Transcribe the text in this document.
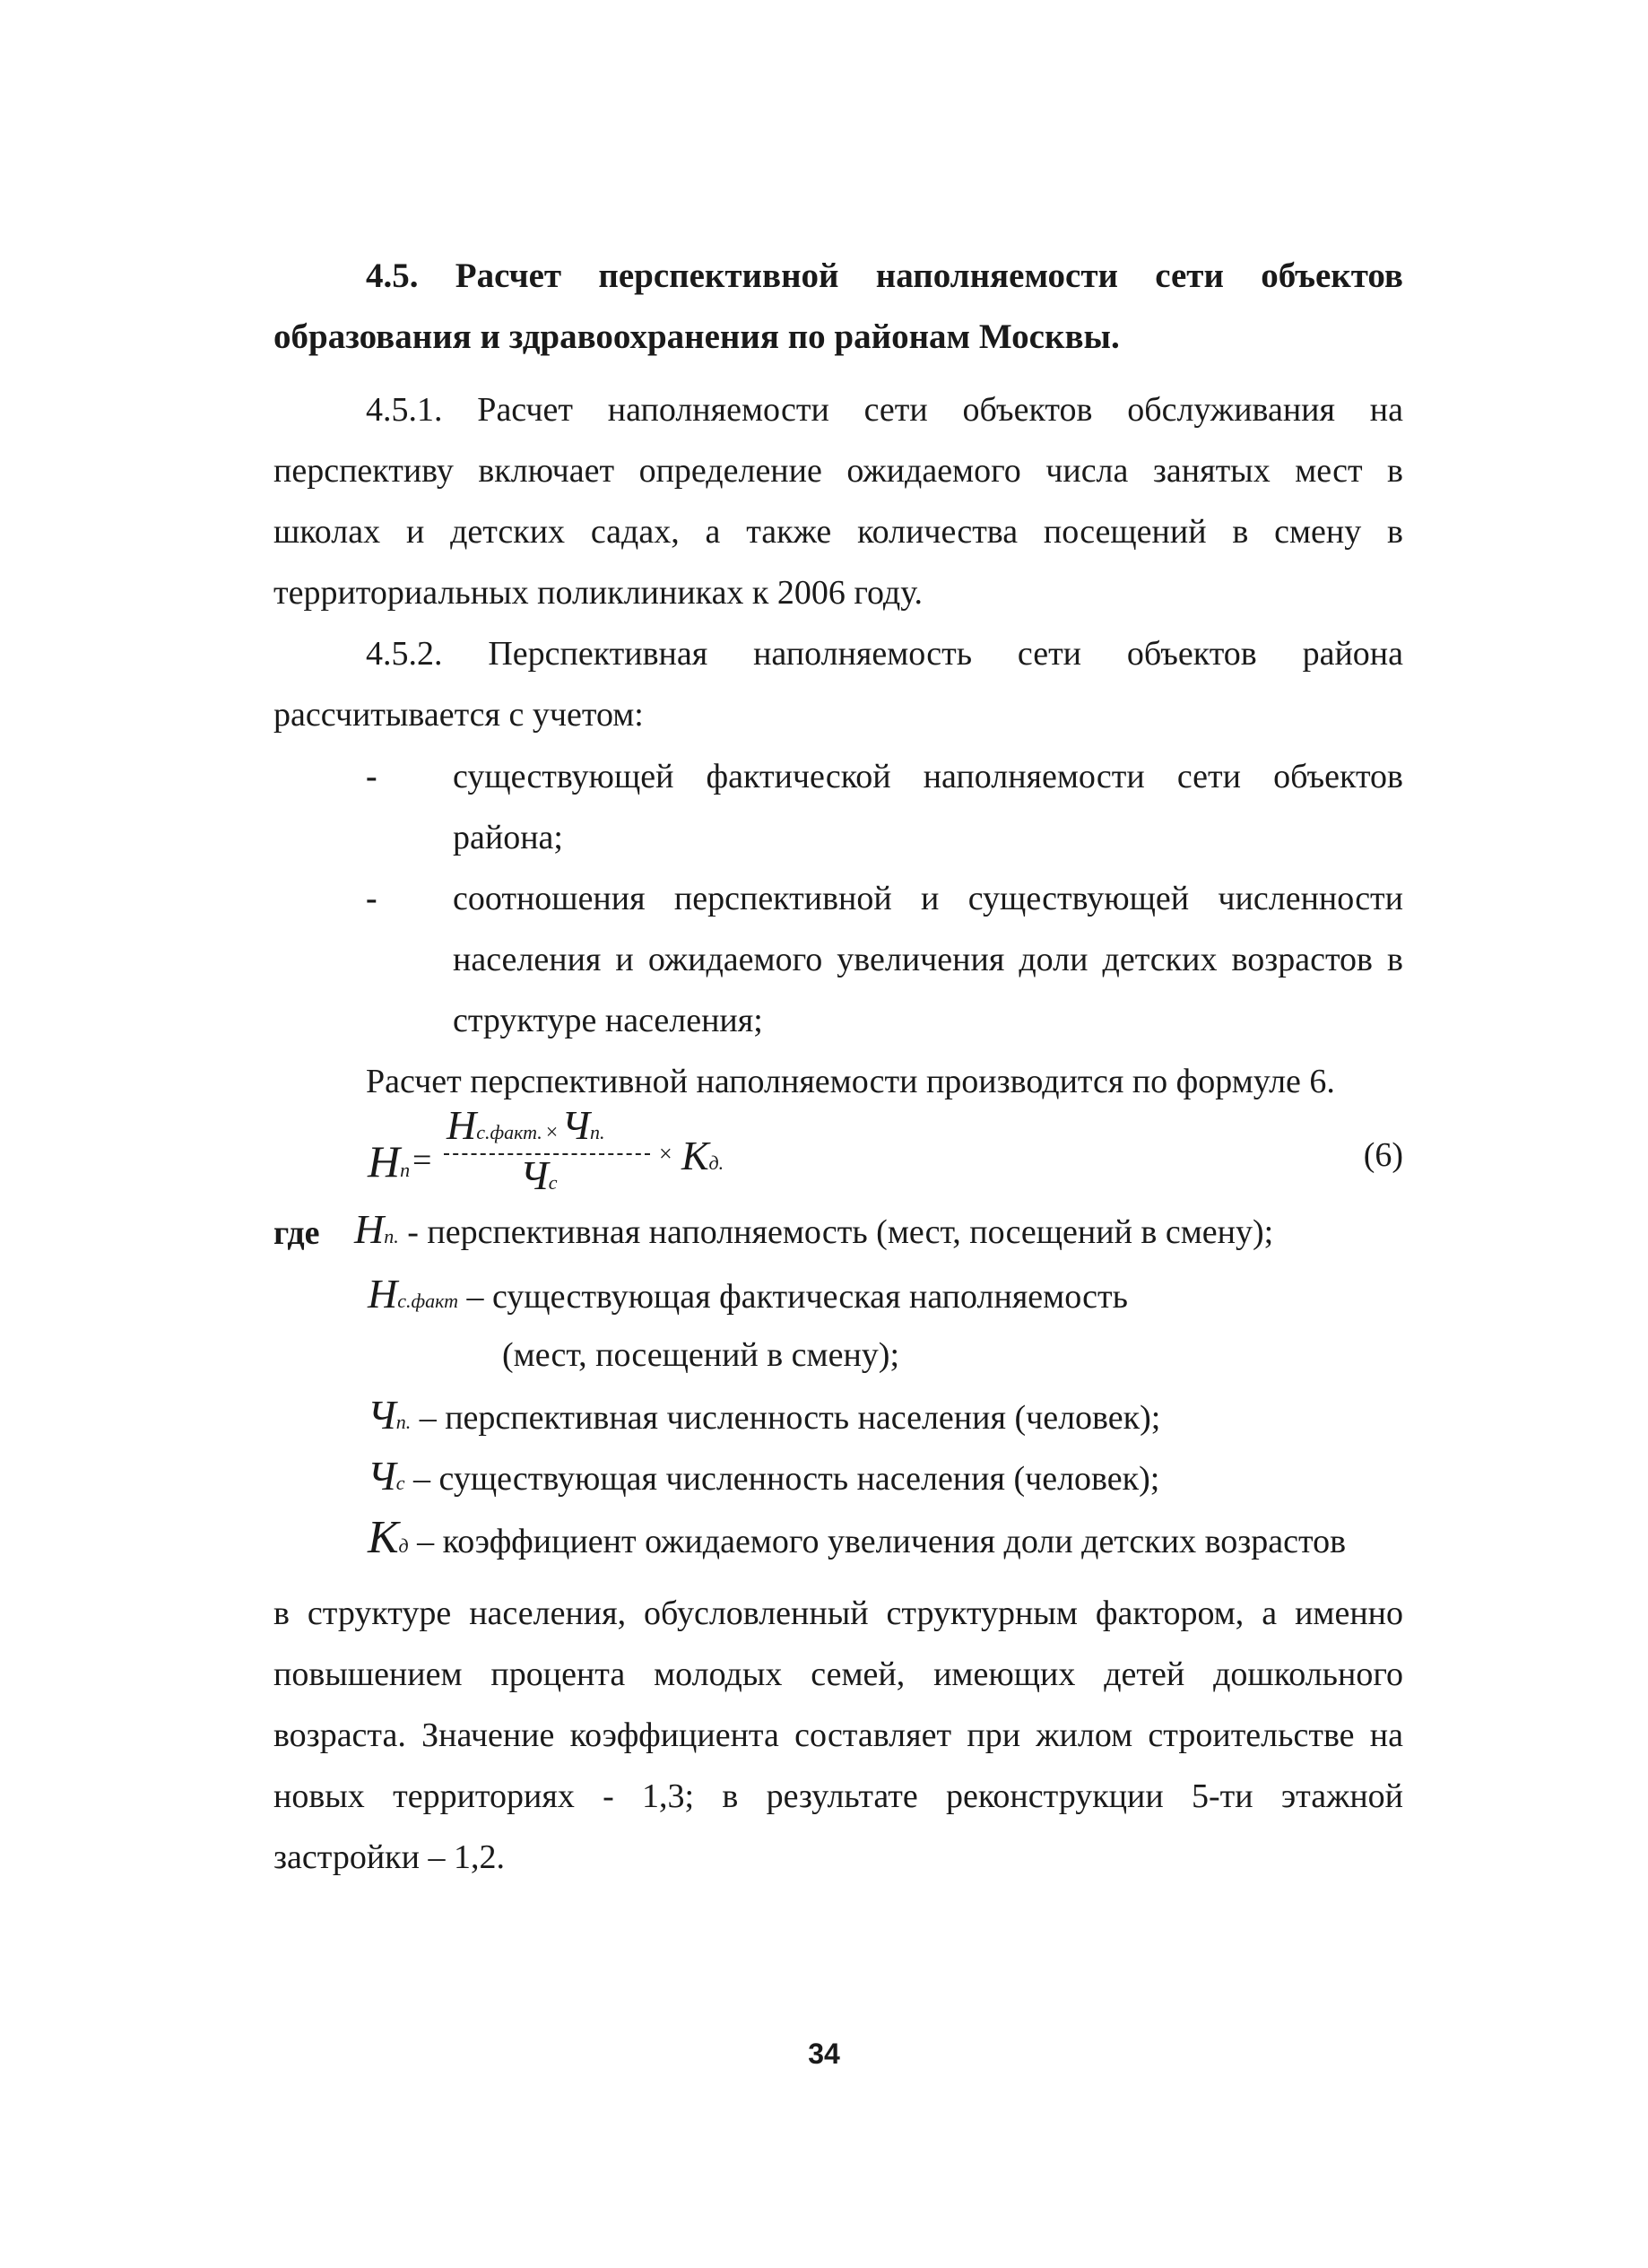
4.5. Расчет перспективной наполняемости сети объектов
образования и здравоохранения по районам Москвы.
4.5.1. Расчет наполняемости сети объектов обслуживания на
перспективу включает определение ожидаемого числа занятых мест в
школах и детских садах, а также количества посещений в смену в
территориальных поликлиниках к 2006 году.
4.5.2. Перспективная наполняемость сети объектов района
рассчитывается с учетом:
- существующей фактической наполняемости сети объектов
района;
- соотношения перспективной и существующей численности
населения и ожидаемого увеличения доли детских возрастов в
структуре населения;
Расчет перспективной наполняемости производится по формуле 6.
Нп =
Нс.факт. × Чп.
Чс
× Кд.	(6)
где Нп. - перспективная наполняемость (мест, посещений в смену);
Нс.факт – существующая фактическая наполняемость
(мест, посещений в смену);
Чп. – перспективная численность населения (человек);
Чс – существующая численность населения (человек);
Кд – коэффициент ожидаемого увеличения доли детских возрастов
в структуре населения, обусловленный структурным фактором, а именно
повышением процента молодых семей, имеющих детей дошкольного
возраста. Значение коэффициента составляет при жилом строительстве на
новых территориях - 1,3; в результате реконструкции 5-ти этажной
застройки – 1,2.
34
